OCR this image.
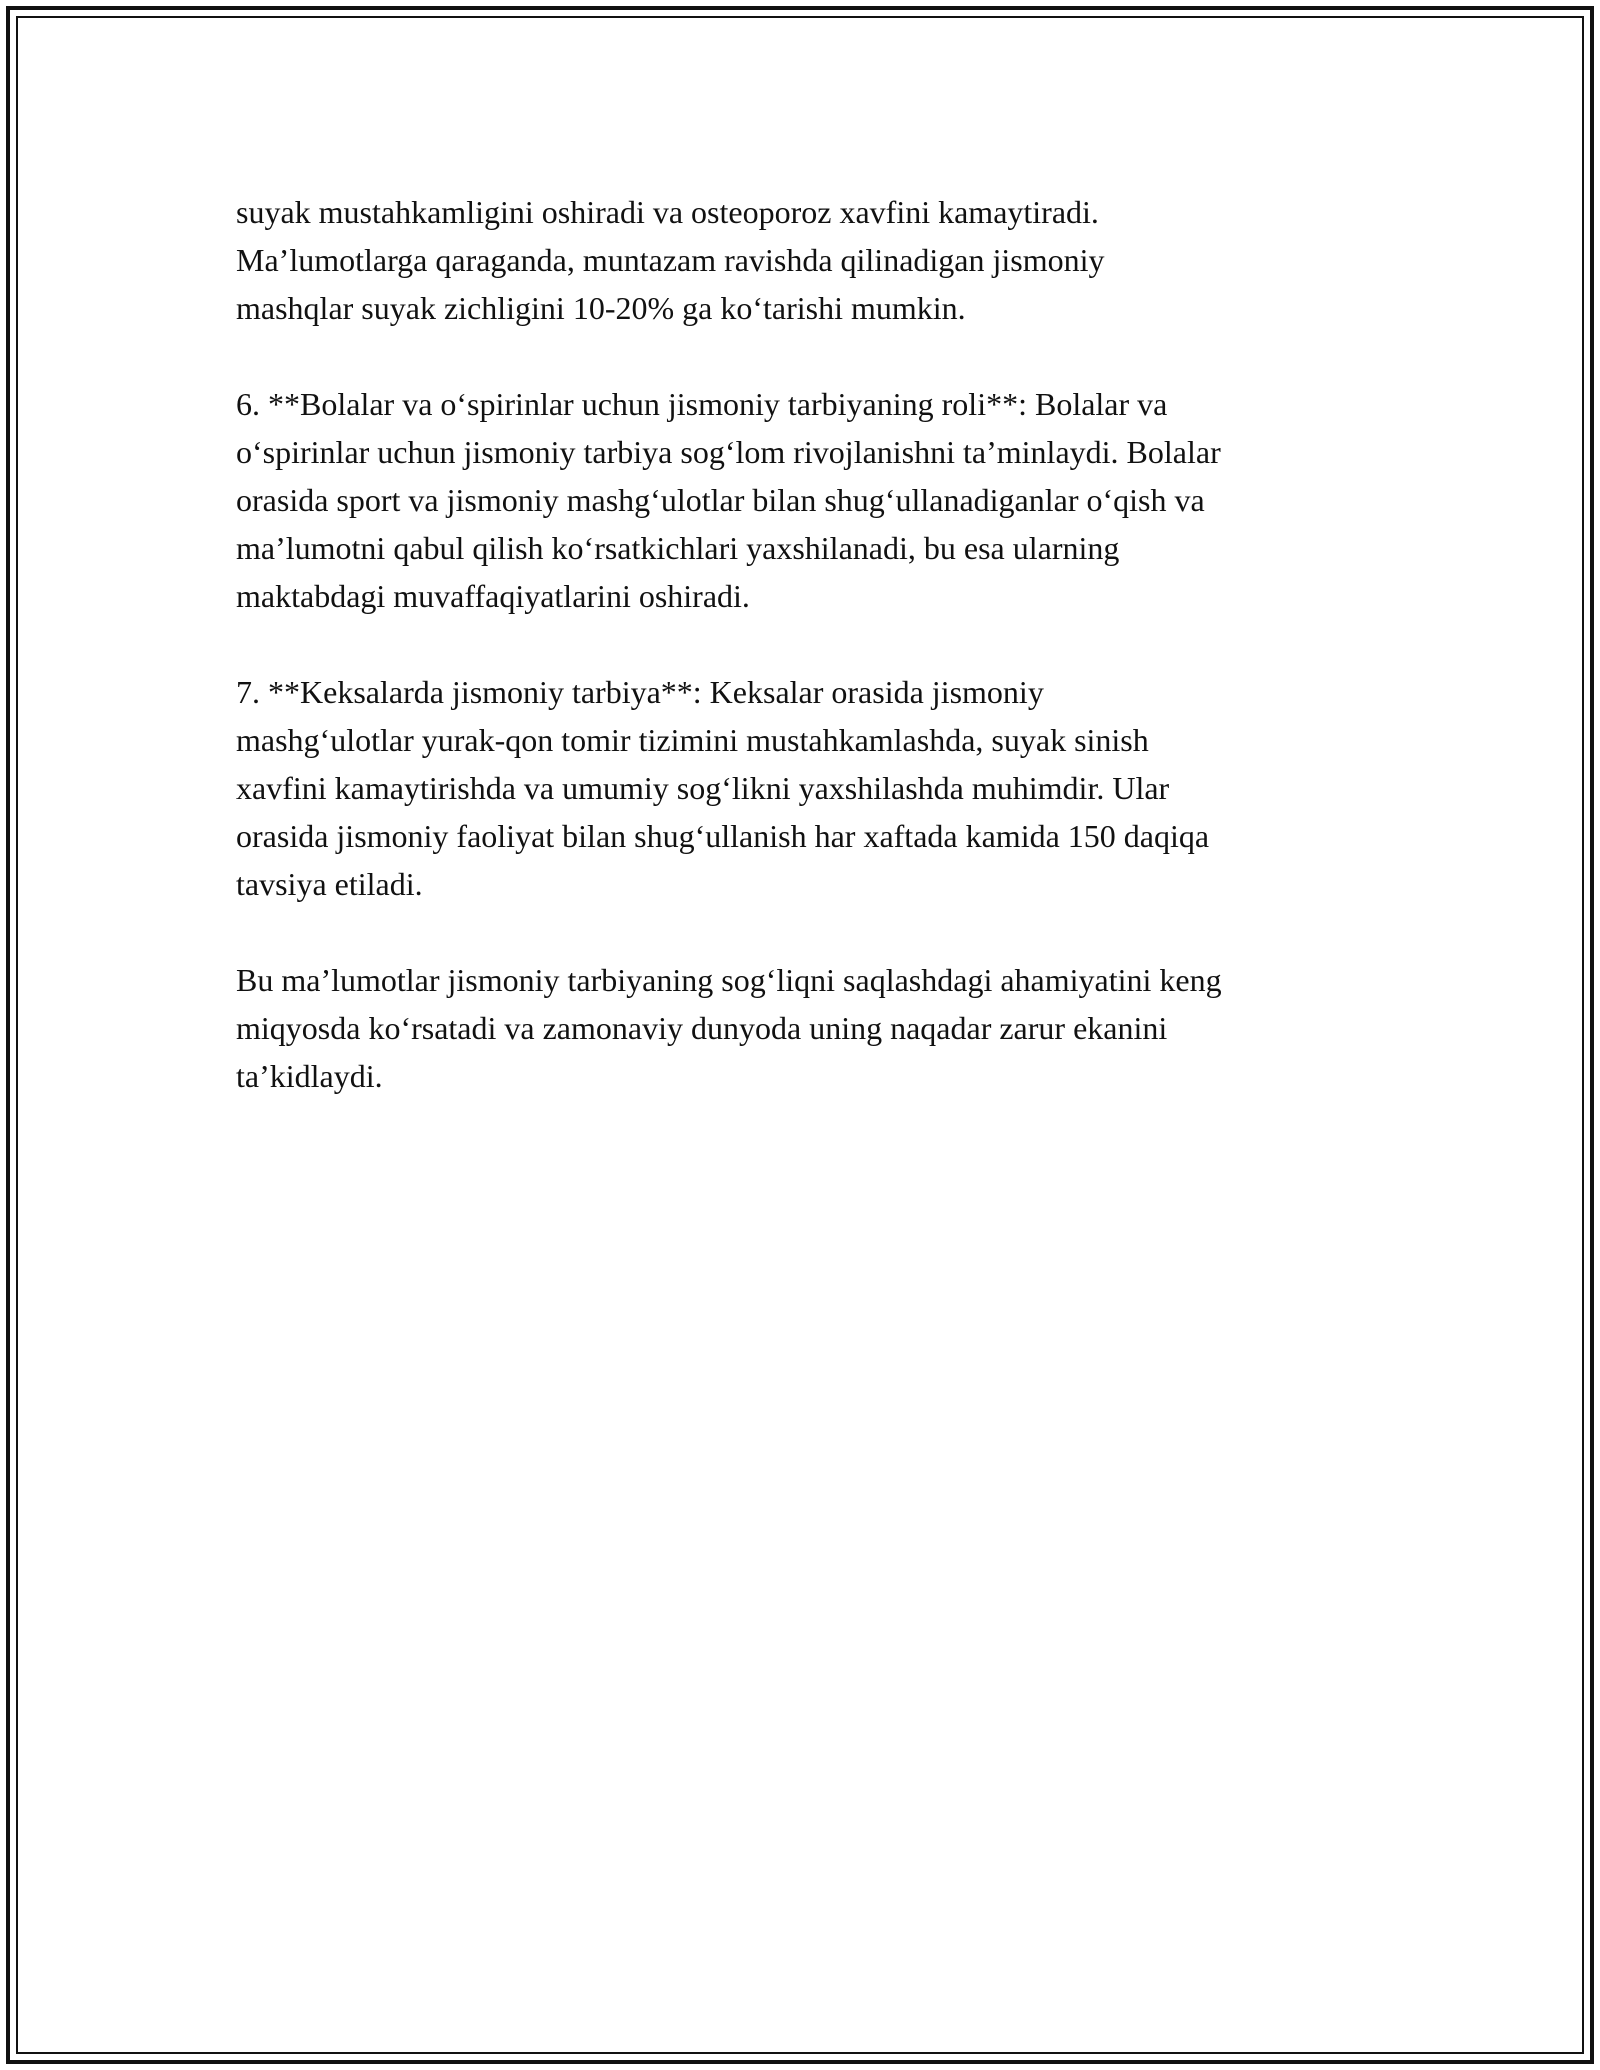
suyak mustahkamligini oshiradi va osteoporoz xavfini kamaytiradi.
Ma’lumotlarga qaraganda, muntazam ravishda qilinadigan jismoniy
mashqlar suyak zichligini 10-20% ga ko‘tarishi mumkin.

6. **Bolalar va o‘spirinlar uchun jismoniy tarbiyaning roli**: Bolalar va
o‘spirinlar uchun jismoniy tarbiya sog‘lom rivojlanishni ta’minlaydi. Bolalar
orasida sport va jismoniy mashg‘ulotlar bilan shug‘ullanadiganlar o‘qish va
ma’lumotni qabul qilish ko‘rsatkichlari yaxshilanadi, bu esa ularning
maktabdagi muvaffaqiyatlarini oshiradi.

7. **Keksalarda jismoniy tarbiya**: Keksalar orasida jismoniy
mashg‘ulotlar yurak-qon tomir tizimini mustahkamlashda, suyak sinish
xavfini kamaytirishda va umumiy sog‘likni yaxshilashda muhimdir. Ular
orasida jismoniy faoliyat bilan shug‘ullanish har xaftada kamida 150 daqiqa
tavsiya etiladi.

Bu ma’lumotlar jismoniy tarbiyaning sog‘liqni saqlashdagi ahamiyatini keng
miqyosda ko‘rsatadi va zamonaviy dunyoda uning naqadar zarur ekanini
ta’kidlaydi.
